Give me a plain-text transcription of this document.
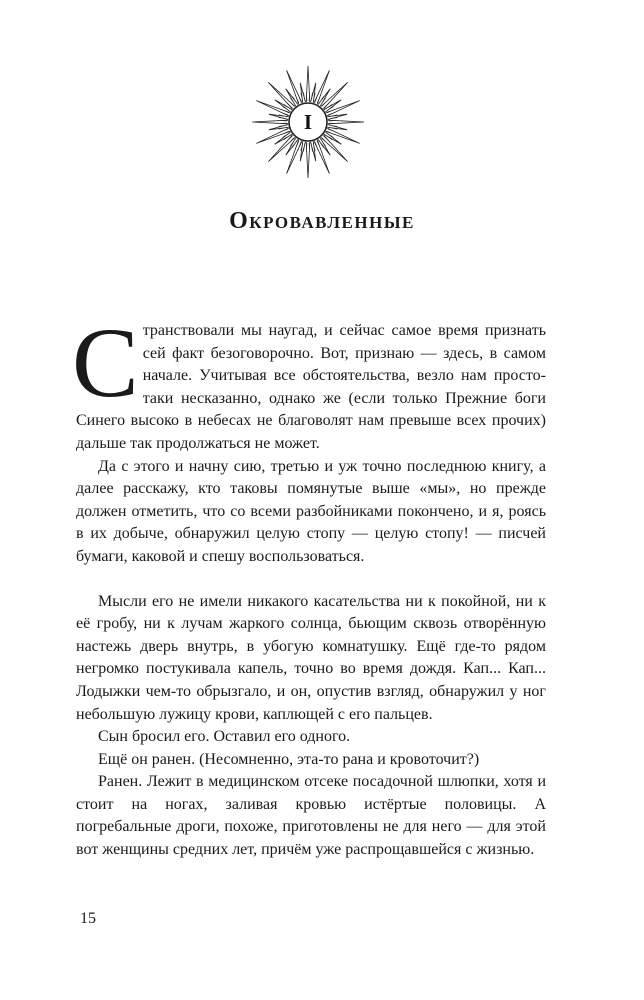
I
Окровавленные

Странствовали мы наугад, и сейчас самое время признать сей факт безоговорочно. Вот, признаю — здесь, в самом начале. Учитывая все обстоятельства, везло нам просто-таки несказанно, однако же (если только Прежние боги Синего высоко в небесах не благоволят нам превыше всех прочих) дальше так продолжаться не может.

Да с этого и начну сию, третью и уж точно последнюю книгу, а далее расскажу, кто таковы помянутые выше «мы», но прежде должен отметить, что со всеми разбойниками покончено, и я, роясь в их добыче, обнаружил целую стопу — целую стопу! — писчей бумаги, каковой и спешу воспользоваться.

Мысли его не имели никакого касательства ни к покойной, ни к её гробу, ни к лучам жаркого солнца, бьющим сквозь отворённую настежь дверь внутрь, в убогую комнатушку. Ещё где-то рядом негромко постукивала капель, точно во время дождя. Кап... Кап... Лодыжки чем-то обрызгало, и он, опустив взгляд, обнаружил у ног небольшую лужицу крови, каплющей с его пальцев.

Сын бросил его. Оставил его одного.

Ещё он ранен. (Несомненно, эта-то рана и кровоточит?)

Ранен. Лежит в медицинском отсеке посадочной шлюпки, хотя и стоит на ногах, заливая кровью истёртые половицы. А погребальные дроги, похоже, приготовлены не для него — для этой вот женщины средних лет, причём уже распрощавшейся с жизнью.

15
